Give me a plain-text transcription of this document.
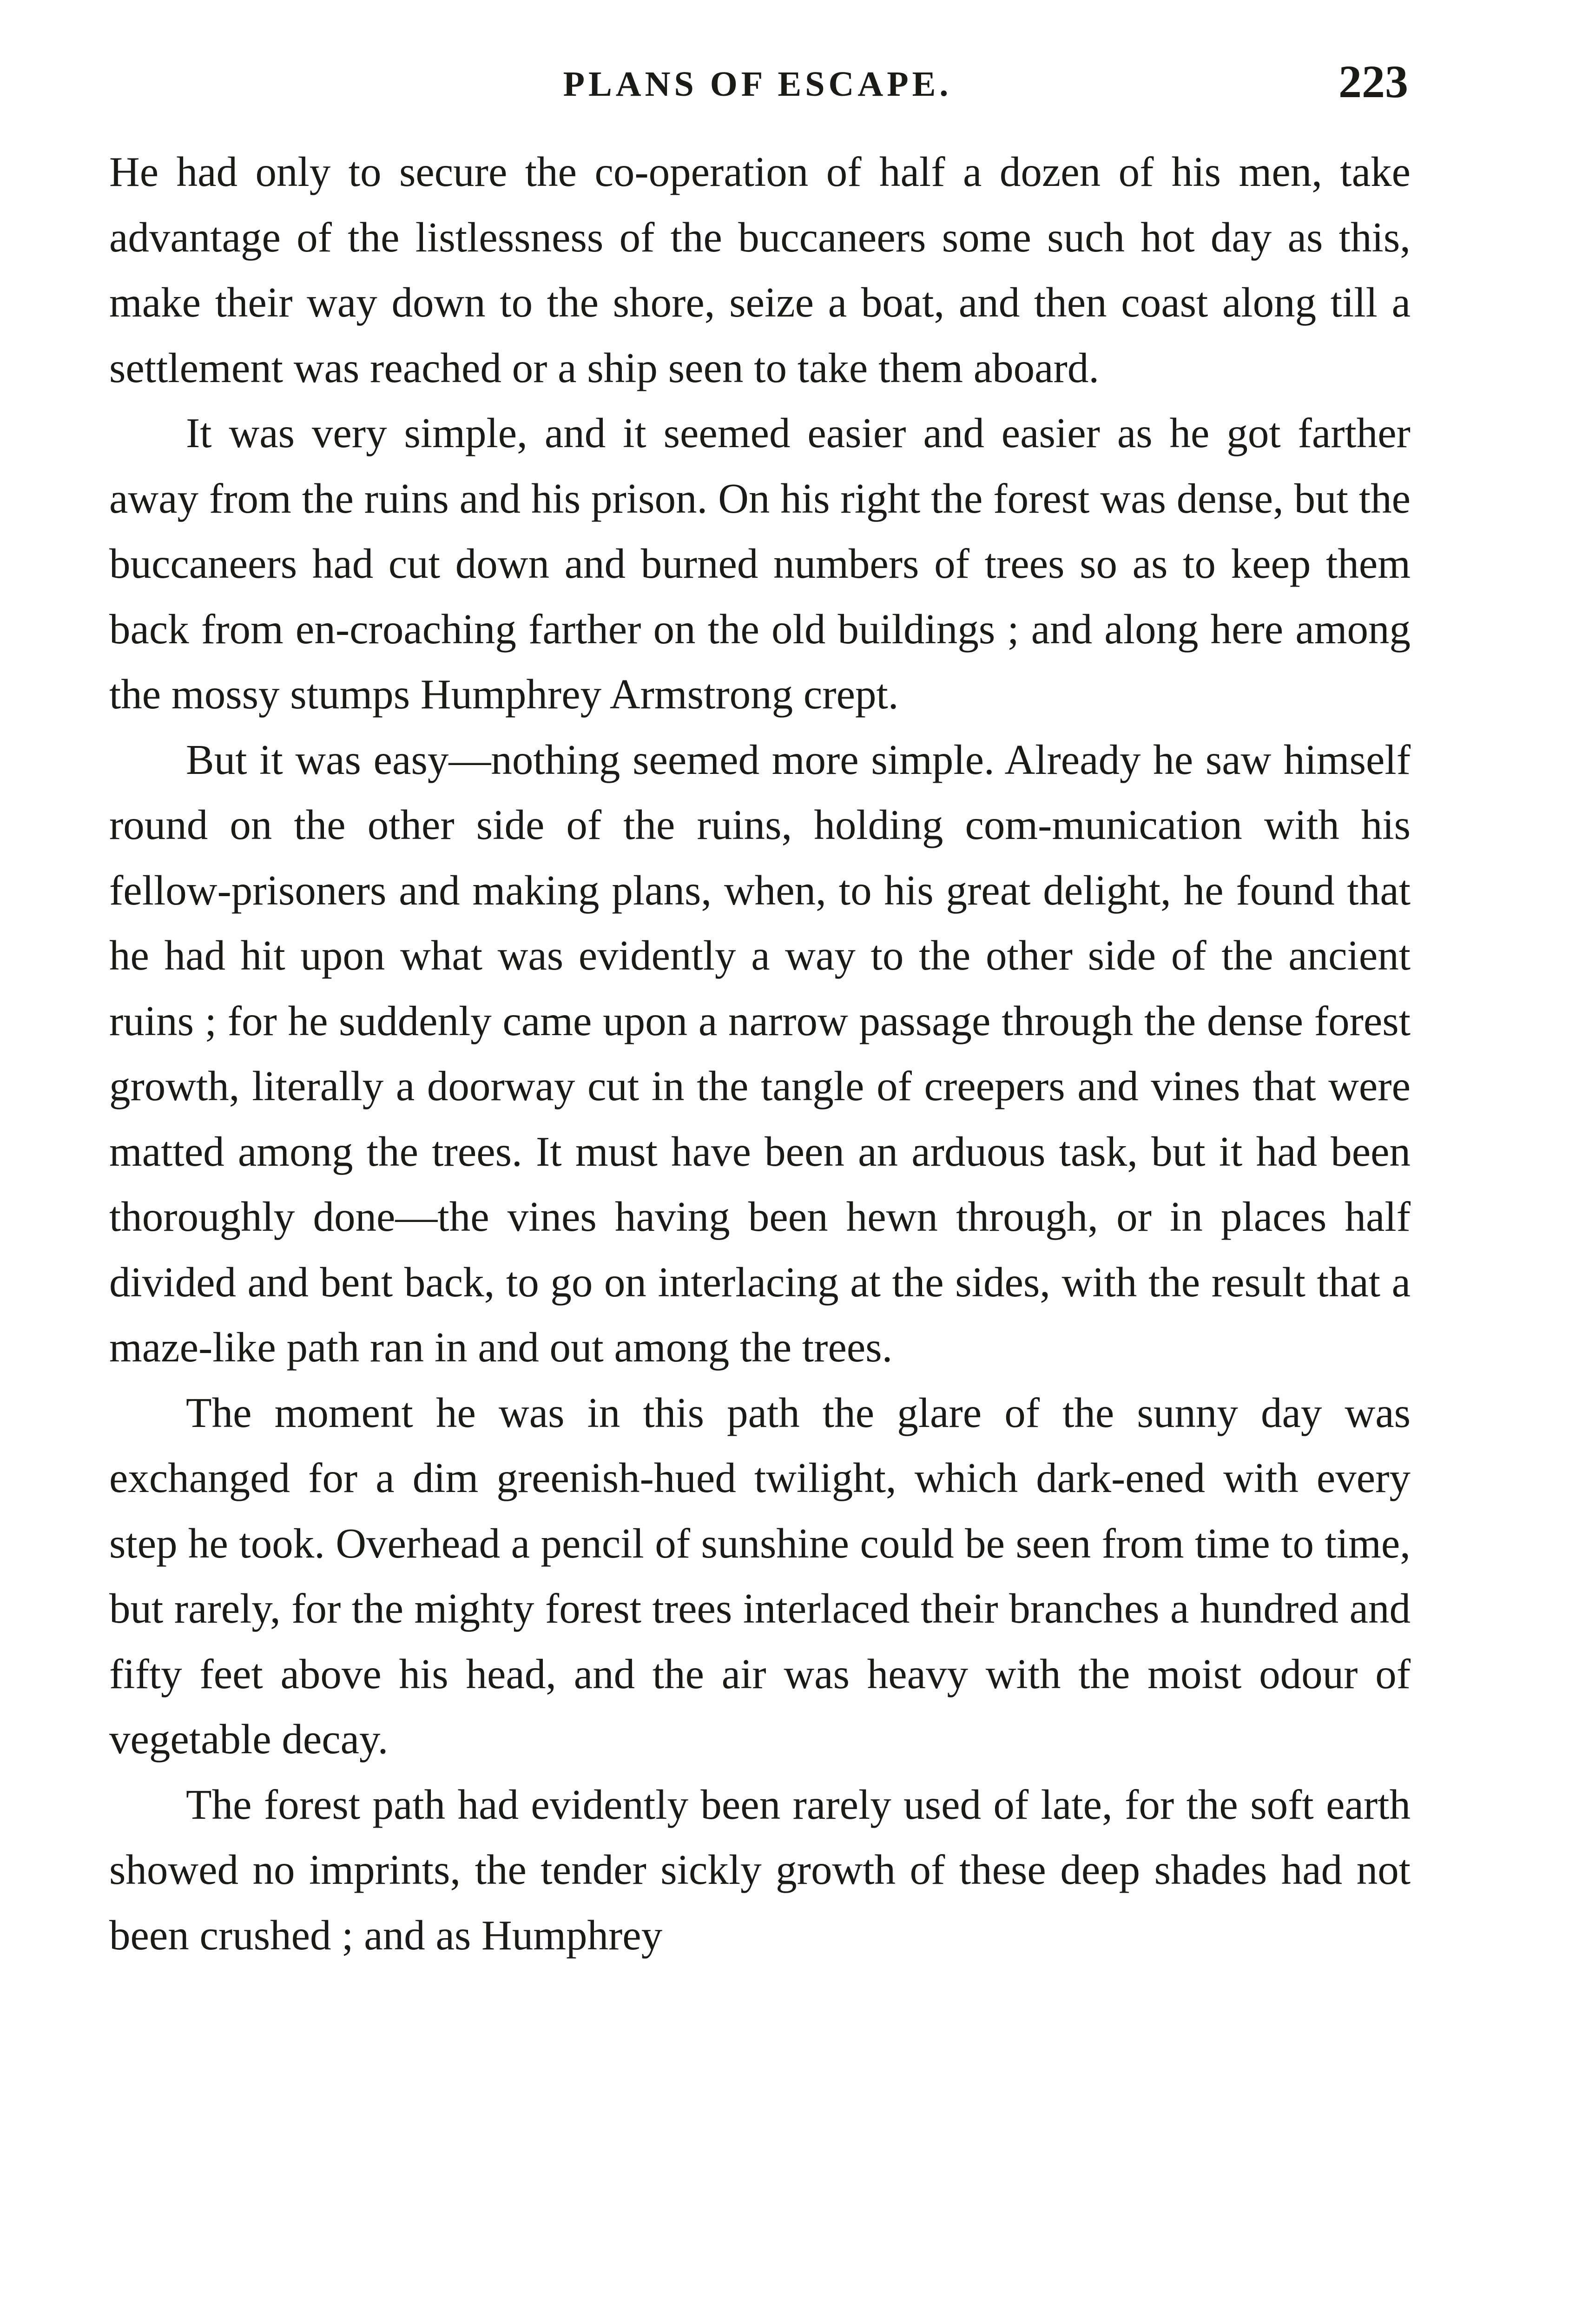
PLANS OF ESCAPE.	223

He had only to secure the co-operation of half a dozen of his men, take advantage of the listlessness of the buccaneers some such hot day as this, make their way down to the shore, seize a boat, and then coast along till a settlement was reached or a ship seen to take them aboard.

It was very simple, and it seemed easier and easier as he got farther away from the ruins and his prison. On his right the forest was dense, but the buccaneers had cut down and burned numbers of trees so as to keep them back from en-croaching farther on the old buildings ; and along here among the mossy stumps Humphrey Armstrong crept.

But it was easy—nothing seemed more simple. Already he saw himself round on the other side of the ruins, holding com-munication with his fellow-prisoners and making plans, when, to his great delight, he found that he had hit upon what was evidently a way to the other side of the ancient ruins ; for he suddenly came upon a narrow passage through the dense forest growth, literally a doorway cut in the tangle of creepers and vines that were matted among the trees. It must have been an arduous task, but it had been thoroughly done—the vines having been hewn through, or in places half divided and bent back, to go on interlacing at the sides, with the result that a maze-like path ran in and out among the trees.

The moment he was in this path the glare of the sunny day was exchanged for a dim greenish-hued twilight, which dark-ened with every step he took. Overhead a pencil of sunshine could be seen from time to time, but rarely, for the mighty forest trees interlaced their branches a hundred and fifty feet above his head, and the air was heavy with the moist odour of vegetable decay.

The forest path had evidently been rarely used of late, for the soft earth showed no imprints, the tender sickly growth of these deep shades had not been crushed ; and as Humphrey
